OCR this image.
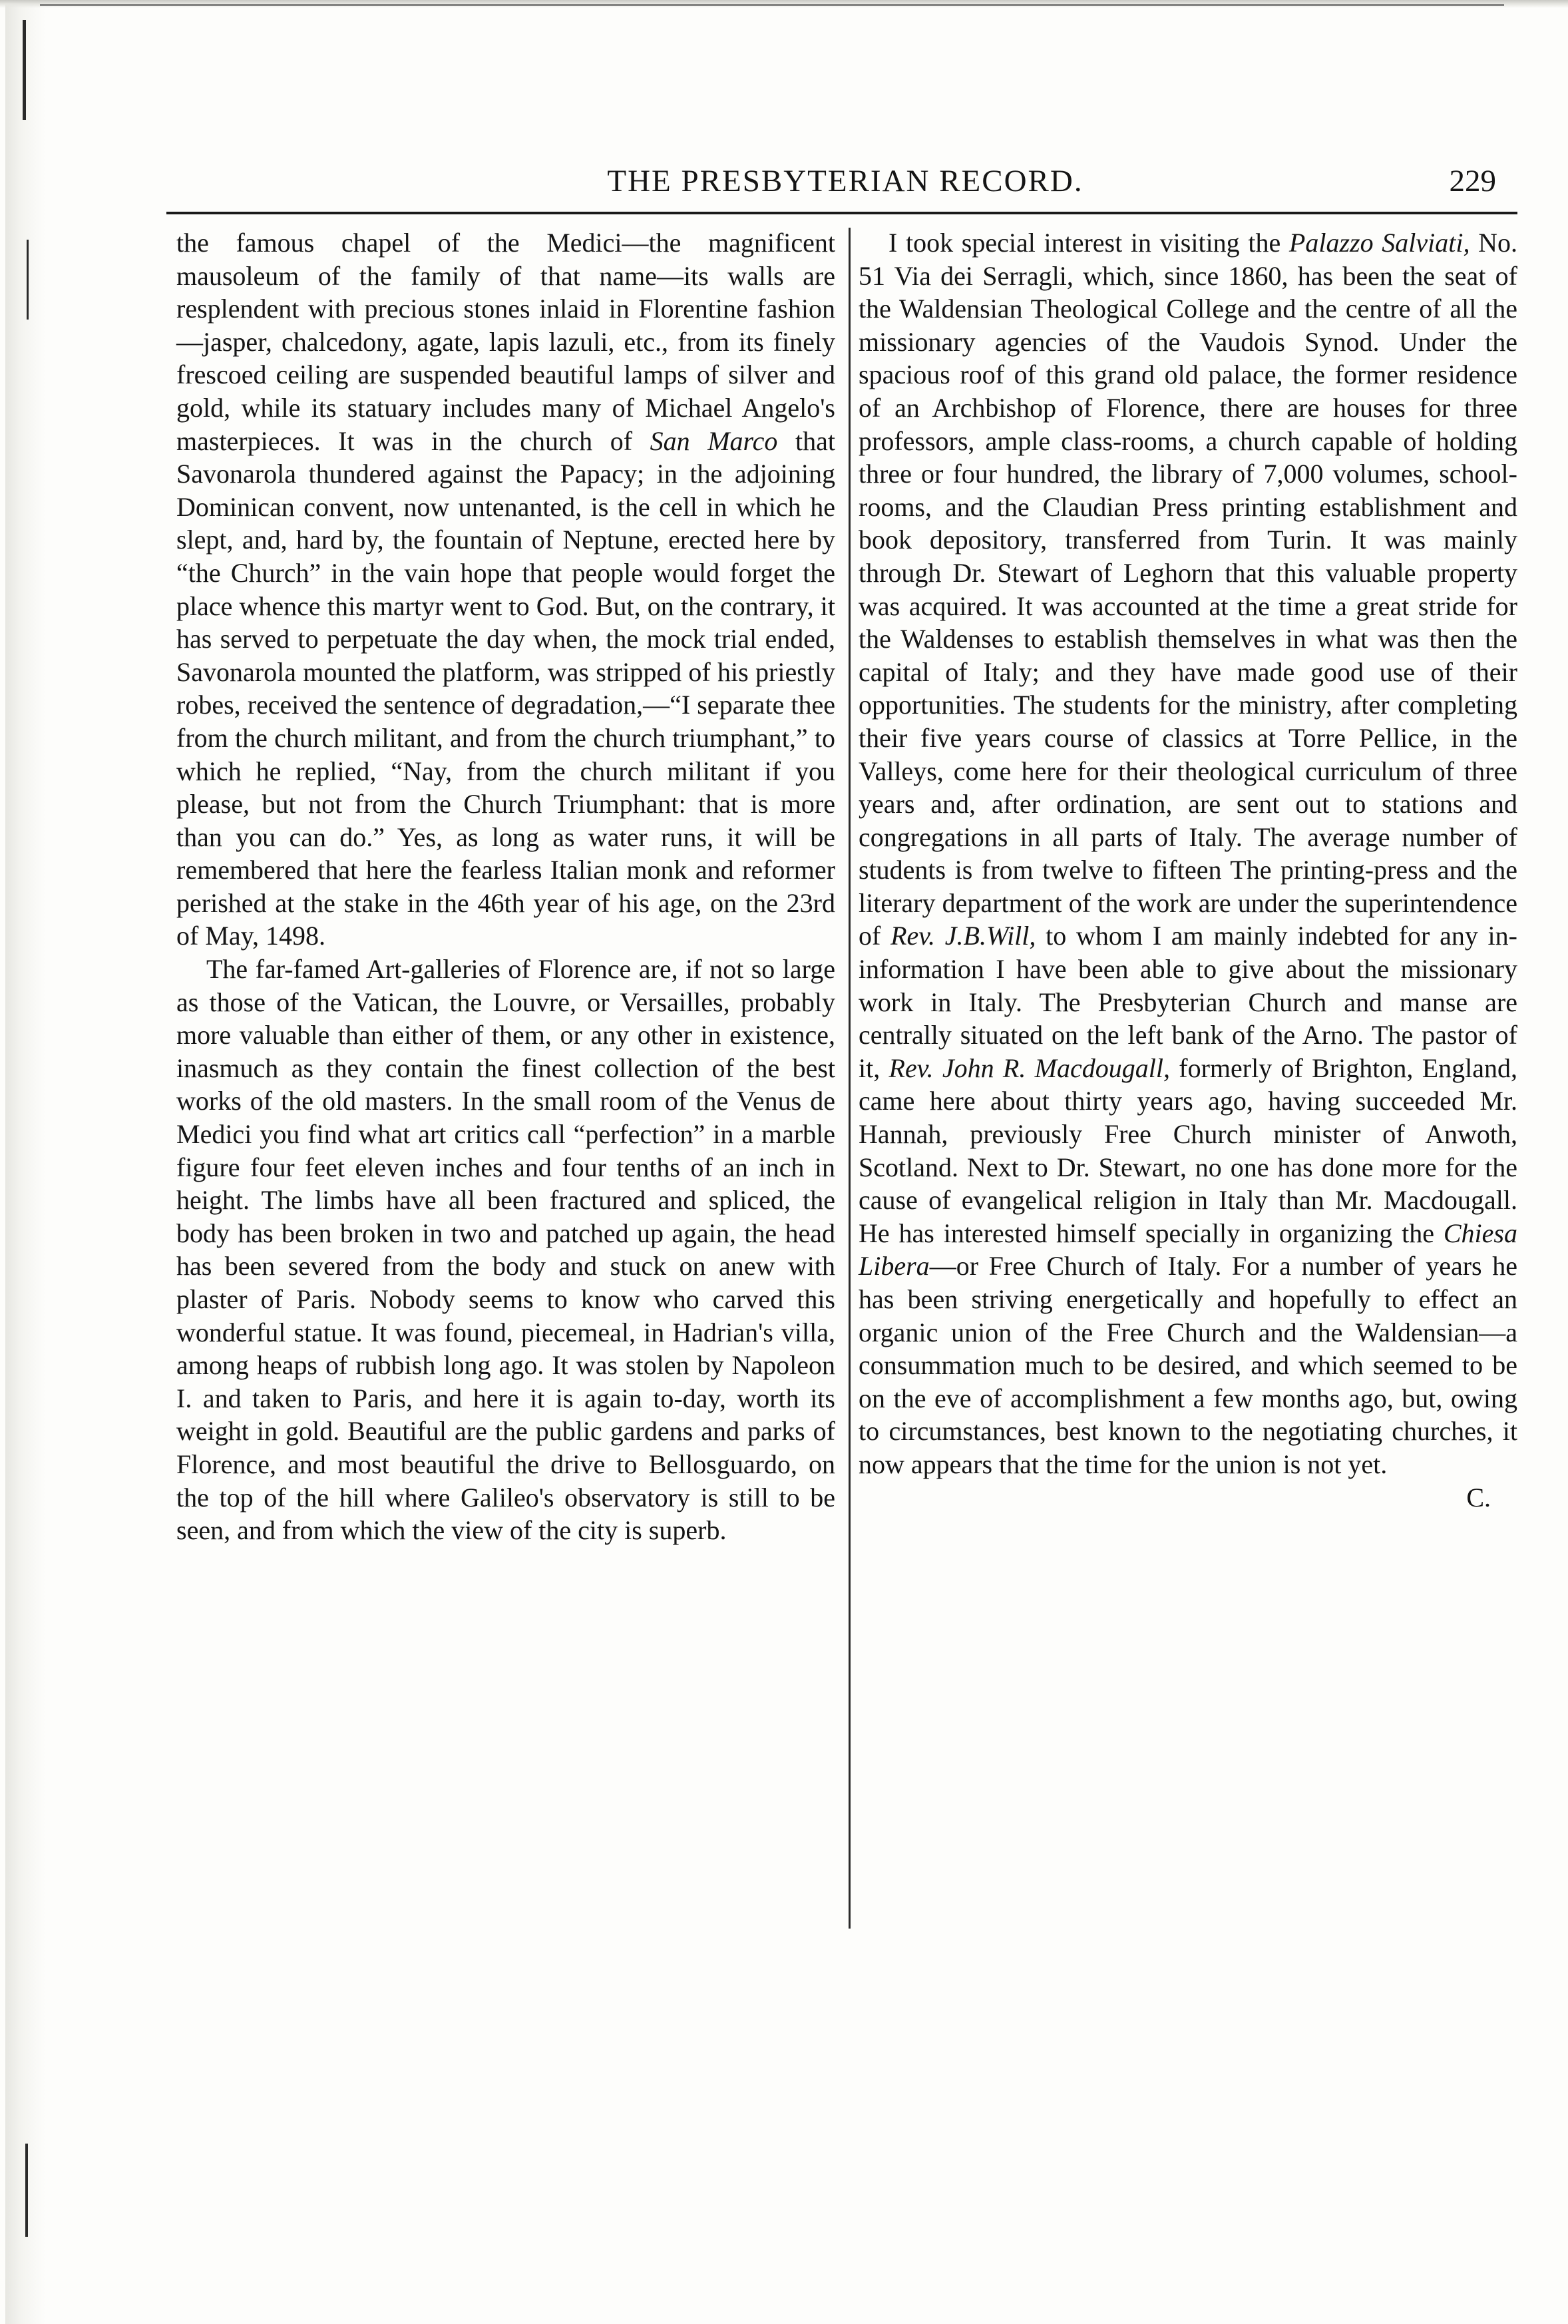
THE PRESBYTERIAN RECORD.	229

the famous chapel of the Medici—the magnificent mausoleum of the family of that name—its walls are resplendent with precious stones inlaid in Florentine fashion—jasper, chalcedony, agate, lapis lazuli, etc., from its finely frescoed ceiling are suspended beautiful lamps of silver and gold, while its statuary includes many of Michael Angelo's masterpieces. It was in the church of San Marco that Savonarola thundered against the Papacy; in the adjoining Dominican convent, now untenanted, is the cell in which he slept, and, hard by, the fountain of Neptune, erected here by “the Church” in the vain hope that people would forget the place whence this martyr went to God. But, on the contrary, it has served to perpetuate the day when, the mock trial ended, Savonarola mounted the platform, was stripped of his priestly robes, received the sentence of degradation,—“I separate thee from the church militant, and from the church triumphant,” to which he replied, “Nay, from the church militant if you please, but not from the Church Triumphant: that is more than you can do.” Yes, as long as water runs, it will be remembered that here the fearless Italian monk and reformer perished at the stake in the 46th year of his age, on the 23rd of May, 1498.

The far-famed Art-galleries of Florence are, if not so large as those of the Vatican, the Louvre, or Versailles, probably more valuable than either of them, or any other in existence, inasmuch as they contain the finest collection of the best works of the old masters. In the small room of the Venus de Medici you find what art critics call “perfection” in a marble figure four feet eleven inches and four tenths of an inch in height. The limbs have all been fractured and spliced, the body has been broken in two and patched up again, the head has been severed from the body and stuck on anew with plaster of Paris. Nobody seems to know who carved this wonderful statue. It was found, piecemeal, in Hadrian's villa, among heaps of rubbish long ago. It was stolen by Napoleon I. and taken to Paris, and here it is again to-day, worth its weight in gold. Beautiful are the public gardens and parks of Florence, and most beautiful the drive to Bellosguardo, on the top of the hill where Galileo's observatory is still to be seen, and from which the view of the city is superb.

I took special interest in visiting the Palazzo Salviati, No. 51 Via dei Serragli, which, since 1860, has been the seat of the Waldensian Theological College and the centre of all the missionary agencies of the Vaudois Synod. Under the spacious roof of this grand old palace, the former residence of an Archbishop of Florence, there are houses for three professors, ample class-rooms, a church capable of holding three or four hundred, the library of 7,000 volumes, school-rooms, and the Claudian Press printing establishment and book depository, transferred from Turin. It was mainly through Dr. Stewart of Leghorn that this valuable property was acquired. It was accounted at the time a great stride for the Waldenses to establish themselves in what was then the capital of Italy; and they have made good use of their opportunities. The students for the ministry, after completing their five years course of classics at Torre Pellice, in the Valleys, come here for their theological curriculum of three years and, after ordination, are sent out to stations and congregations in all parts of Italy. The average number of students is from twelve to fifteen The printing-press and the literary department of the work are under the superintendence of Rev. J.B.Will, to whom I am mainly indebted for any in-information I have been able to give about the missionary work in Italy. The Presbyterian Church and manse are centrally situated on the left bank of the Arno. The pastor of it, Rev. John R. Macdougall, formerly of Brighton, England, came here about thirty years ago, having succeeded Mr. Hannah, previously Free Church minister of Anwoth, Scotland. Next to Dr. Stewart, no one has done more for the cause of evangelical religion in Italy than Mr. Macdougall. He has interested himself specially in organizing the Chiesa Libera—or Free Church of Italy. For a number of years he has been striving energetically and hopefully to effect an organic union of the Free Church and the Waldensian—a consummation much to be desired, and which seemed to be on the eve of accomplishment a few months ago, but, owing to circumstances, best known to the negotiating churches, it now appears that the time for the union is not yet.

C.
